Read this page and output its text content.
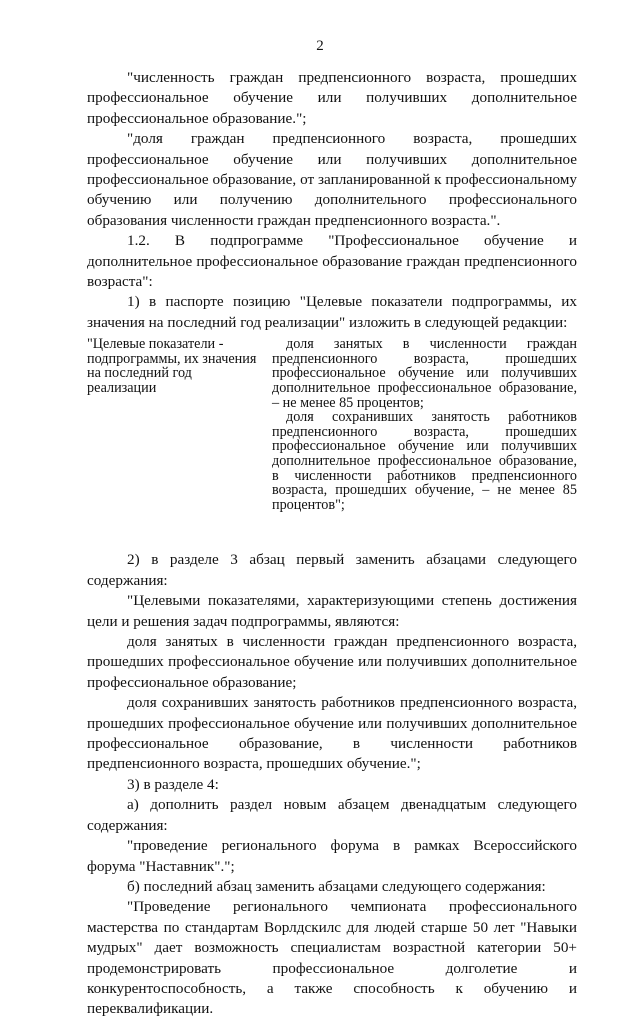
2

"численность граждан предпенсионного возраста, прошедших профессиональное обучение или получивших дополнительное профессиональное образование.";

"доля граждан предпенсионного возраста, прошедших профессиональное обучение или получивших дополнительное профессиональное образование, от запланированной к профессиональному обучению или получению дополнительного профессионального образования численности граждан предпенсионного возраста.".

1.2. В подпрограмме "Профессиональное обучение и дополнительное профессиональное образование граждан предпенсионного возраста":

1) в паспорте позицию "Целевые показатели подпрограммы, их значения на последний год реализации" изложить в следующей редакции:

"Целевые показатели - подпрограммы, их значения на последний год реализации

доля занятых в численности граждан предпенсионного возраста, прошедших профессиональное обучение или получивших дополнительное профессиональное образование, – не менее 85 процентов;

доля сохранивших занятость работников предпенсионного возраста, прошедших профессиональное обучение или получивших дополнительное профессиональное образование, в численности работников предпенсионного возраста, прошедших обучение, – не менее 85 процентов";

2) в разделе 3 абзац первый заменить абзацами следующего содержания:

"Целевыми показателями, характеризующими степень достижения цели и решения задач подпрограммы, являются:

доля занятых в численности граждан предпенсионного возраста, прошедших профессиональное обучение или получивших дополнительное профессиональное образование;

доля сохранивших занятость работников предпенсионного возраста, прошедших профессиональное обучение или получивших дополнительное профессиональное образование, в численности работников предпенсионного возраста, прошедших обучение.";

3) в разделе 4:

а) дополнить раздел новым абзацем двенадцатым следующего содержания:

"проведение регионального форума в рамках Всероссийского форума "Наставник".";

б) последний абзац заменить абзацами следующего содержания:

"Проведение регионального чемпионата профессионального мастерства по стандартам Ворлдскилс для людей старше 50 лет "Навыки мудрых" дает возможность специалистам возрастной категории 50+ продемонстрировать профессиональное долголетие и конкурентоспособность, а также способность к обучению и переквалификации.
